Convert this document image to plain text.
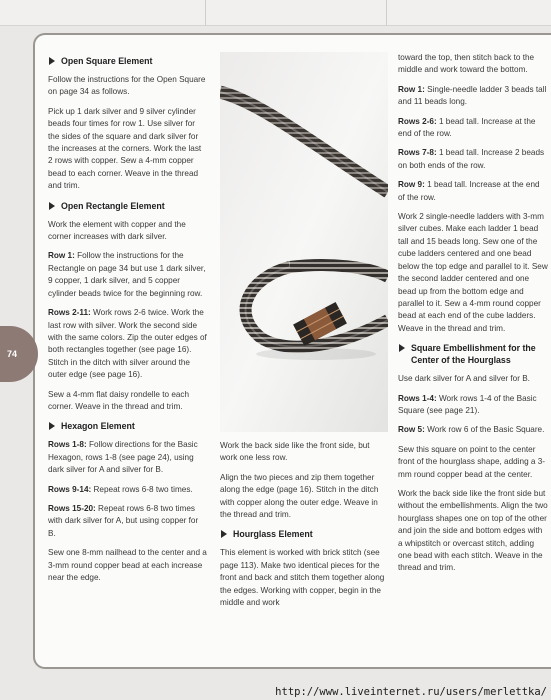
74
Open Square Element

Follow the instructions for the Open Square on page 34 as follows.

Pick up 1 dark silver and 9 silver cylinder beads four times for row 1. Use silver for the sides of the square and dark silver for the increases at the corners. Work the last 2 rows with copper. Sew a 4-mm copper bead to each corner. Weave in the thread and trim.

Open Rectangle Element

Work the element with copper and the corner increases with dark silver.

Row 1: Follow the instructions for the Rectangle on page 34 but use 1 dark silver, 9 copper, 1 dark silver, and 5 copper cylinder beads twice for the beginning row.

Rows 2-11: Work rows 2-6 twice. Work the last row with silver. Work the second side with the same colors. Zip the outer edges of both rectangles together (see page 16). Stitch in the ditch with silver around the outer edge (see page 16).

Sew a 4-mm flat daisy rondelle to each corner. Weave in the thread and trim.

Hexagon Element

Rows 1-8: Follow directions for the Basic Hexagon, rows 1-8 (see page 24), using dark silver for A and silver for B.

Rows 9-14: Repeat rows 6-8 two times.

Rows 15-20: Repeat rows 6-8 two times with dark silver for A, but using copper for B.

Sew one 8-mm nailhead to the center and a 3-mm round copper bead at each increase near the edge.

Work the back side like the front side, but work one less row.

Align the two pieces and zip them together along the edge (page 16). Stitch in the ditch with copper along the outer edge. Weave in the thread and trim.

Hourglass Element

This element is worked with brick stitch (see page 113). Make two identical pieces for the front and back and stitch them together along the edges. Working with copper, begin in the middle and work

toward the top, then stitch back to the middle and work toward the bottom.

Row 1: Single-needle ladder 3 beads tall and 11 beads long.

Rows 2-6: 1 bead tall. Increase at the end of the row.

Rows 7-8: 1 bead tall. Increase 2 beads on both ends of the row.

Row 9: 1 bead tall. Increase at the end of the row.

Work 2 single-needle ladders with 3-mm silver cubes. Make each ladder 1 bead tall and 15 beads long. Sew one of the cube ladders centered and one bead below the top edge and parallel to it. Sew the second ladder centered and one bead up from the bottom edge and parallel to it. Sew a 4-mm round copper bead at each end of the cube ladders. Weave in the thread and trim.

Square Embellishment for the Center of the Hourglass

Use dark silver for A and silver for B.

Rows 1-4: Work rows 1-4 of the Basic Square (see page 21).

Row 5: Work row 6 of the Basic Square.

Sew this square on point to the center front of the hourglass shape, adding a 3-mm round copper bead at the center.

Work the back side like the front side but without the embellishments. Align the two hourglass shapes one on top of the other and join the side and bottom edges with a whipstitch or overcast stitch, adding one bead with each stitch. Weave in the thread and trim.

http://www.liveinternet.ru/users/merlettka/
